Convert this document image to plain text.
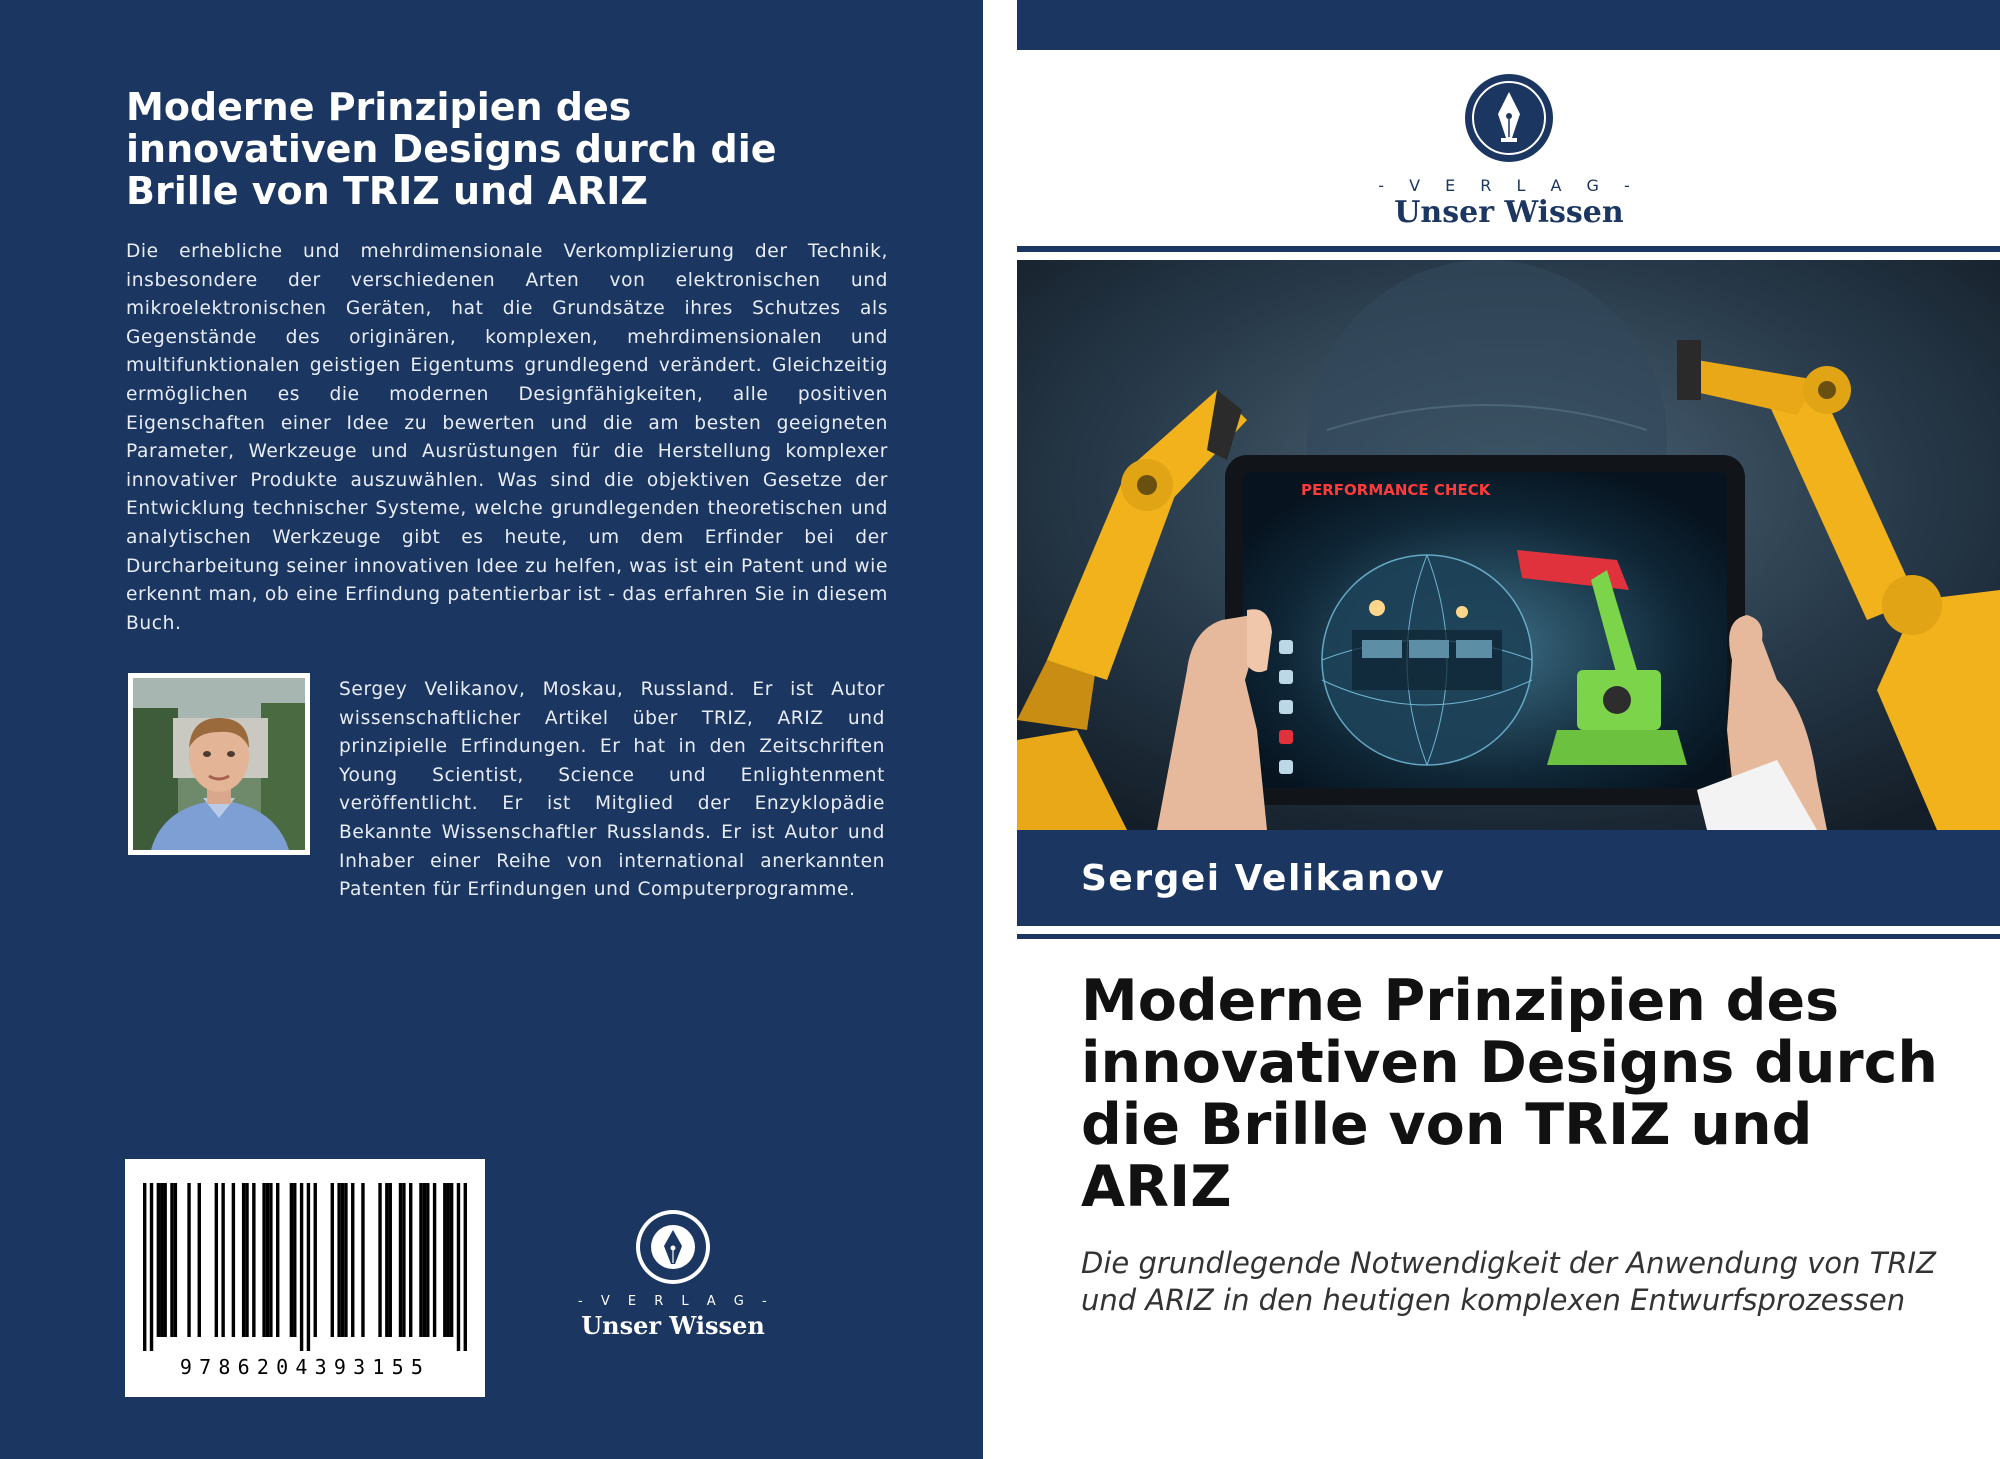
Moderne Prinzipien des innovativen Designs durch die Brille von TRIZ und ARIZ

Die erhebliche und mehrdimensionale Verkomplizierung der Technik, insbesondere der verschiedenen Arten von elektronischen und mikroelektronischen Geräten, hat die Grundsätze ihres Schutzes als Gegenstände des originären, komplexen, mehrdimensionalen und multifunktionalen geistigen Eigentums grundlegend verändert. Gleichzeitig ermöglichen es die modernen Designfähigkeiten, alle positiven Eigenschaften einer Idee zu bewerten und die am besten geeigneten Parameter, Werkzeuge und Ausrüstungen für die Herstellung komplexer innovativer Produkte auszuwählen. Was sind die objektiven Gesetze der Entwicklung technischer Systeme, welche grundlegenden theoretischen und analytischen Werkzeuge gibt es heute, um dem Erfinder bei der Durcharbeitung seiner innovativen Idee zu helfen, was ist ein Patent und wie erkennt man, ob eine Erfindung patentierbar ist - das erfahren Sie in diesem Buch.

Sergey Velikanov, Moskau, Russland. Er ist Autor wissenschaftlicher Artikel über TRIZ, ARIZ und prinzipielle Erfindungen. Er hat in den Zeitschriften Young Scientist, Science und Enlightenment veröffentlicht. Er ist Mitglied der Enzyklopädie Bekannte Wissenschaftler Russlands. Er ist Autor und Inhaber einer Reihe von international anerkannten Patenten für Erfindungen und Computerprogramme.

9786204393155
- V E R L A G -
Unser Wissen
- V E R L A G -
Unser Wissen
PERFORMANCE CHECK
Sergei Velikanov
Moderne Prinzipien des innovativen Designs durch die Brille von TRIZ und ARIZ

Die grundlegende Notwendigkeit der Anwendung von TRIZ und ARIZ in den heutigen komplexen Entwurfsprozessen
